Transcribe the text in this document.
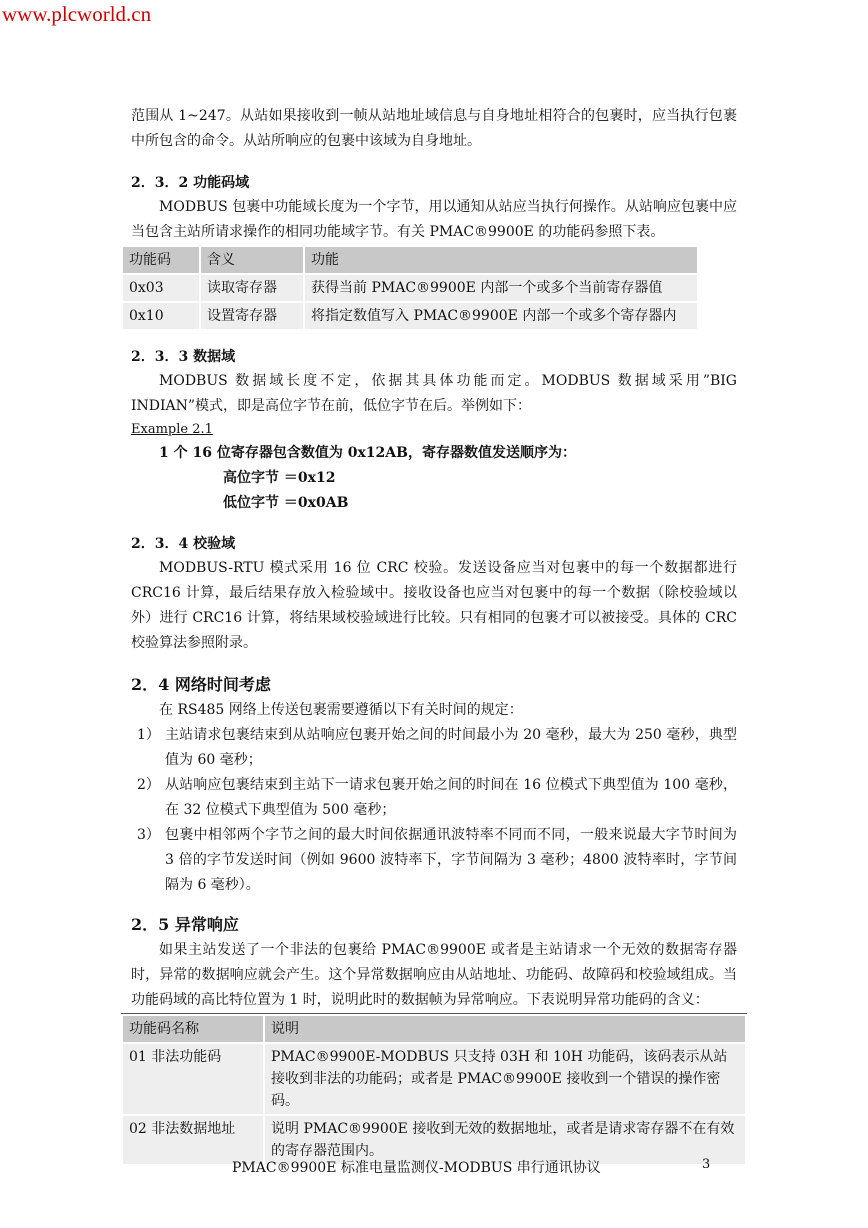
www.plcworld.cn

范围从 1~247。从站如果接收到一帧从站地址域信息与自身地址相符合的包裹时，应当执行包裹中所包含的命令。从站所响应的包裹中该域为自身地址。

2．3．2 功能码域

MODBUS 包裹中功能域长度为一个字节，用以通知从站应当执行何操作。从站响应包裹中应当包含主站所请求操作的相同功能域字节。有关 PMAC®9900E 的功能码参照下表。

功能码	含义	功能
0x03	读取寄存器	获得当前 PMAC®9900E 内部一个或多个当前寄存器值
0x10	设置寄存器	将指定数值写入 PMAC®9900E 内部一个或多个寄存器内

2．3．3 数据域

MODBUS 数据域长度不定，依据其具体功能而定。MODBUS 数据域采用”BIG INDIAN”模式，即是高位字节在前，低位字节在后。举例如下：

Example 2.1

1 个 16 位寄存器包含数值为 0x12AB，寄存器数值发送顺序为：

高位字节 ＝0x12

低位字节 ＝0x0AB

2．3．4 校验域

MODBUS-RTU 模式采用 16 位 CRC 校验。发送设备应当对包裹中的每一个数据都进行 CRC16 计算，最后结果存放入检验域中。接收设备也应当对包裹中的每一个数据（除校验域以外）进行 CRC16 计算，将结果域校验域进行比较。只有相同的包裹才可以被接受。具体的 CRC 校验算法参照附录。

2．4 网络时间考虑

在 RS485 网络上传送包裹需要遵循以下有关时间的规定：

1） 主站请求包裹结束到从站响应包裹开始之间的时间最小为 20 毫秒，最大为 250 毫秒，典型值为 60 毫秒；
2） 从站响应包裹结束到主站下一请求包裹开始之间的时间在 16 位模式下典型值为 100 毫秒，在 32 位模式下典型值为 500 毫秒；
3） 包裹中相邻两个字节之间的最大时间依据通讯波特率不同而不同，一般来说最大字节时间为 3 倍的字节发送时间（例如 9600 波特率下，字节间隔为 3 毫秒；4800 波特率时，字节间隔为 6 毫秒）。

2．5 异常响应

如果主站发送了一个非法的包裹给 PMAC®9900E 或者是主站请求一个无效的数据寄存器时，异常的数据响应就会产生。这个异常数据响应由从站地址、功能码、故障码和校验域组成。当功能码域的高比特位置为 1 时，说明此时的数据帧为异常响应。下表说明异常功能码的含义：

功能码名称	说明
01 非法功能码	PMAC®9900E-MODBUS 只支持 03H 和 10H 功能码，该码表示从站接收到非法的功能码；或者是 PMAC®9900E 接收到一个错误的操作密码。
02 非法数据地址	说明 PMAC®9900E 接收到无效的数据地址，或者是请求寄存器不在有效的寄存器范围内。
PMAC®9900E 标准电量监测仪-MODBUS 串行通讯协议	3
